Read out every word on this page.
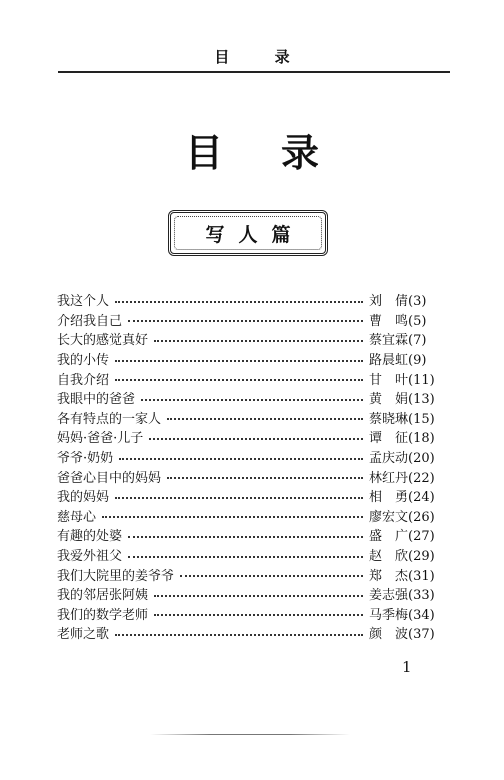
目 录
目录
写人篇
我这个人	刘　倩(3)
介绍我自己	曹　鸣(5)
长大的感觉真好	蔡宜霖(7)
我的小传	路晨虹(9)
自我介绍	甘　叶(11)
我眼中的爸爸	黄　娟(13)
各有特点的一家人	蔡晓琳(15)
妈妈·爸爸·儿子	谭　征(18)
爷爷·奶奶	孟庆动(20)
爸爸心目中的妈妈	林红丹(22)
我的妈妈	相　勇(24)
慈母心	廖宏文(26)
有趣的处婆	盛　广(27)
我爱外祖父	赵　欣(29)
我们大院里的姜爷爷	郑　杰(31)
我的邻居张阿姨	姜志强(33)
我们的数学老师	马季梅(34)
老师之歌	颜　波(37)
1
